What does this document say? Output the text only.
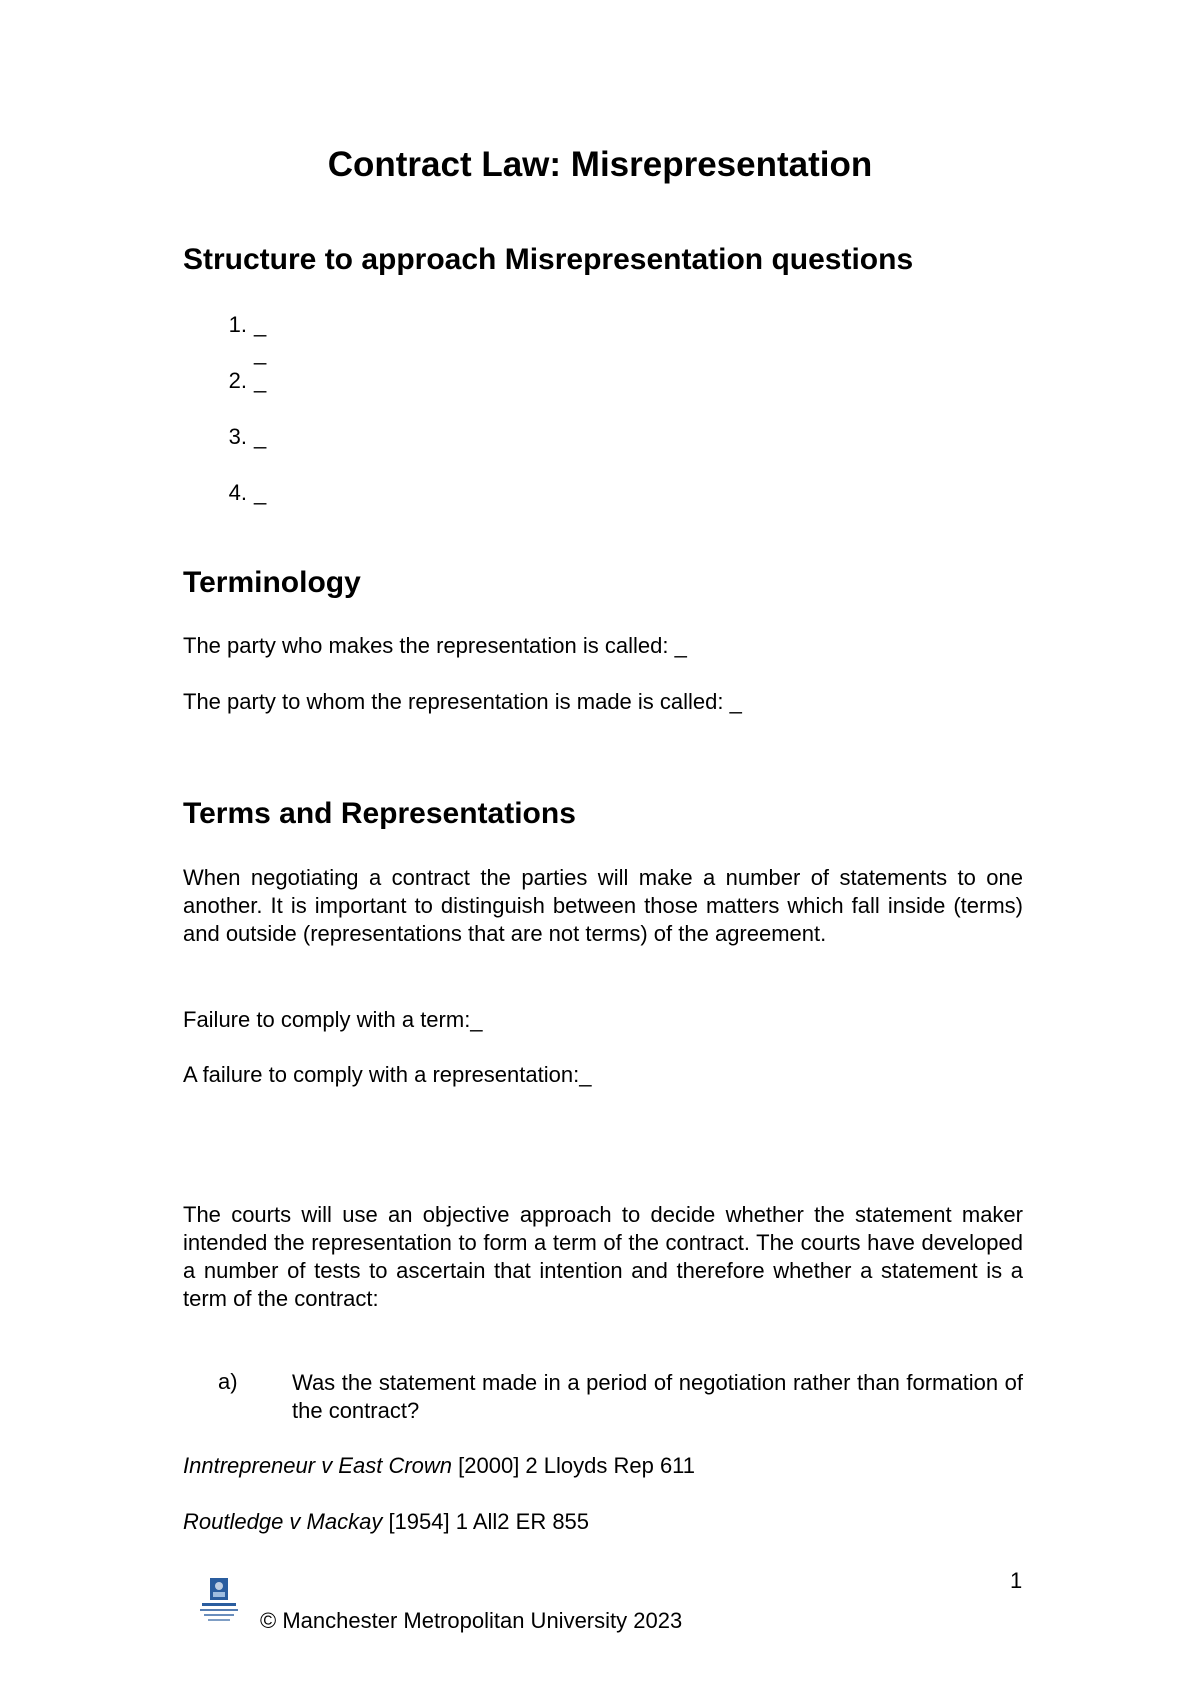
Contract Law: Misrepresentation
Structure to approach Misrepresentation questions
1. _
_
2. _
3. _
4. _
Terminology

The party who makes the representation is called: _

The party to whom the representation is made is called: _

Terms and Representations

When negotiating a contract the parties will make a number of statements to one another. It is important to distinguish between those matters which fall inside (terms) and outside (representations that are not terms) of the agreement.

Failure to comply with a term:_

A failure to comply with a representation:_

The courts will use an objective approach to decide whether the statement maker intended the representation to form a term of the contract. The courts have developed a number of tests to ascertain that intention and therefore whether a statement is a term of the contract:

a) Was the statement made in a period of negotiation rather than formation of the contract?

Inntrepreneur v East Crown [2000] 2 Lloyds Rep 611

Routledge v Mackay [1954] 1 All2 ER 855

1
© Manchester Metropolitan University 2023
